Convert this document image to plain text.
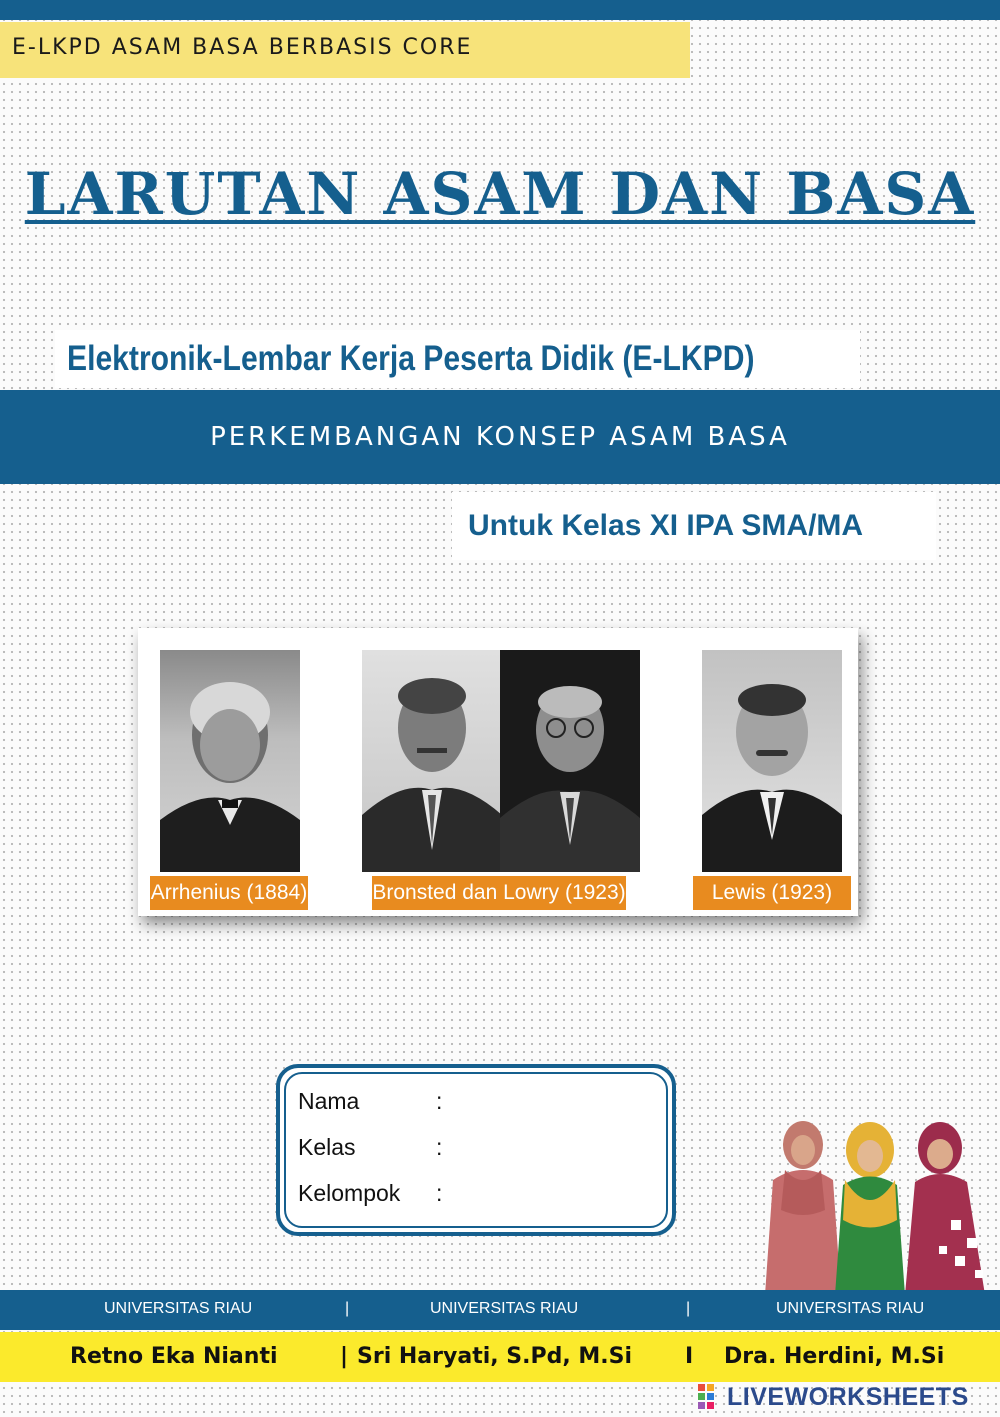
E-LKPD ASAM BASA BERBASIS CORE
LARUTAN ASAM DAN BASA
Elektronik-Lembar Kerja Peserta Didik (E-LKPD)
PERKEMBANGAN KONSEP ASAM BASA
Untuk Kelas XI IPA SMA/MA
Arrhenius (1884)	Bronsted dan Lowry (1923)	Lewis (1923)
Nama	:
Kelas	:
Kelompok :
UNIVERSITAS RIAU	|	UNIVERSITAS RIAU	|	UNIVERSITAS RIAU
Retno Eka Nianti	| Sri Haryati, S.Pd, M.Si I Dra. Herdini, M.Si
LIVEWORKSHEETS
